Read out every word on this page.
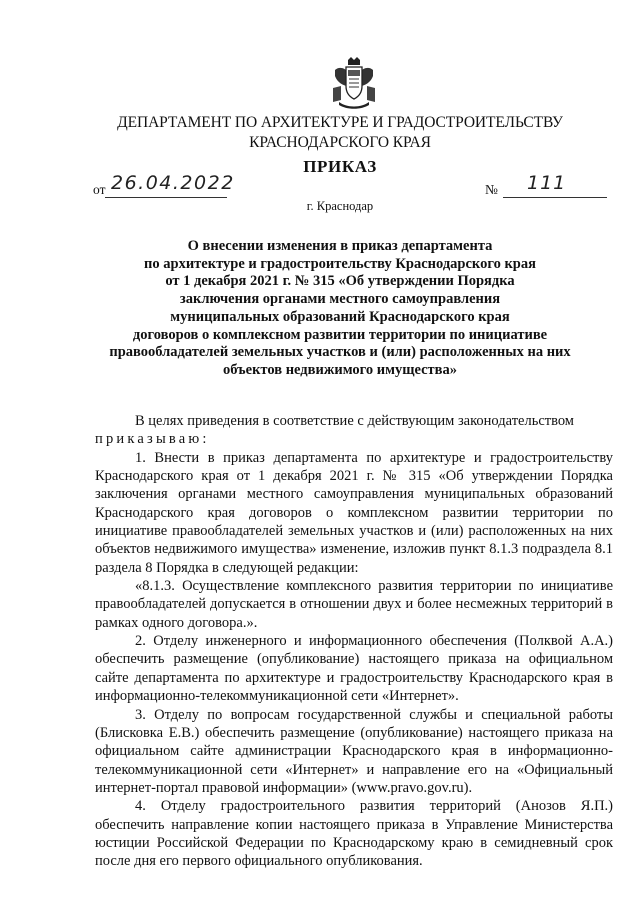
ДЕПАРТАМЕНТ ПО АРХИТЕКТУРЕ И ГРАДОСТРОИТЕЛЬСТВУ
КРАСНОДАРСКОГО КРАЯ
ПРИКАЗ
от 26.04.2022	№ 111
г. Краснодар
О внесении изменения в приказ департамента
по архитектуре и градостроительству Краснодарского края
от 1 декабря 2021 г. № 315 «Об утверждении Порядка
заключения органами местного самоуправления
муниципальных образований Краснодарского края
договоров о комплексном развитии территории по инициативе
правообладателей земельных участков и (или) расположенных на них
объектов недвижимого имущества»

В целях приведения в соответствие с действующим законодательством

приказываю:

1. Внести в приказ департамента по архитектуре и градостроительству Краснодарского края от 1 декабря 2021 г. № 315 «Об утверждении Порядка заключения органами местного самоуправления муниципальных образований Краснодарского края договоров о комплексном развитии территории по инициативе правообладателей земельных участков и (или) расположенных на них объектов недвижимого имущества» изменение, изложив пункт 8.1.3 подраздела 8.1 раздела 8 Порядка в следующей редакции:

«8.1.3. Осуществление комплексного развития территории по инициативе правообладателей допускается в отношении двух и более несмежных территорий в рамках одного договора.».

2. Отделу инженерного и информационного обеспечения (Полквой А.А.) обеспечить размещение (опубликование) настоящего приказа на официальном сайте департамента по архитектуре и градостроительству Краснодарского края в информационно-телекоммуникационной сети «Интернет».

3. Отделу по вопросам государственной службы и специальной работы (Блисковка Е.В.) обеспечить размещение (опубликование) настоящего приказа на официальном сайте администрации Краснодарского края в информационно-телекоммуникационной сети «Интернет» и направление его на «Официальный интернет-портал правовой информации» (www.pravo.gov.ru).

4. Отделу градостроительного развития территорий (Анозов Я.П.) обеспечить направление копии настоящего приказа в Управление Министерства юстиции Российской Федерации по Краснодарскому краю в семидневный срок после дня его первого официального опубликования.
